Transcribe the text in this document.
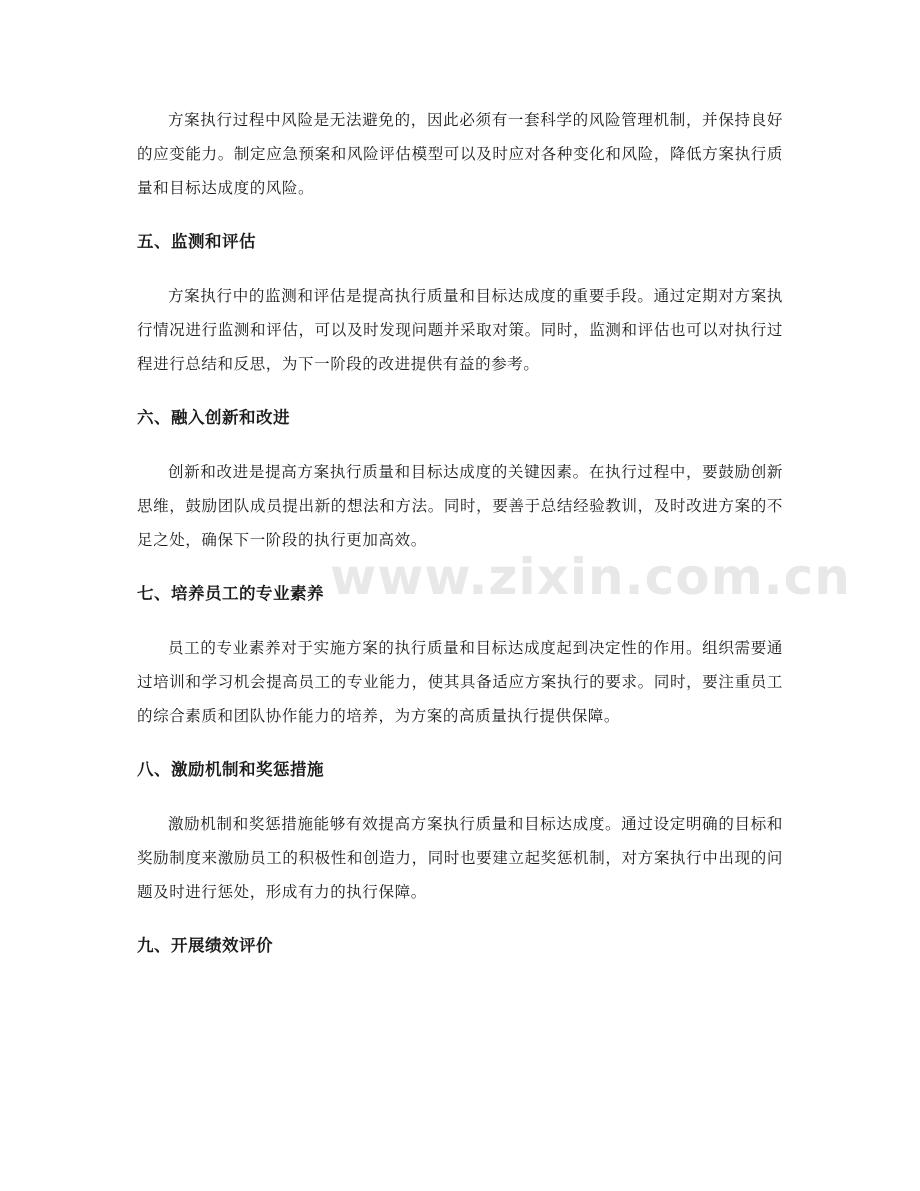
方案执行过程中风险是无法避免的，因此必须有一套科学的风险管理机制，并保持良好的应变能力。制定应急预案和风险评估模型可以及时应对各种变化和风险，降低方案执行质量和目标达成度的风险。

五、监测和评估

方案执行中的监测和评估是提高执行质量和目标达成度的重要手段。通过定期对方案执行情况进行监测和评估，可以及时发现问题并采取对策。同时，监测和评估也可以对执行过程进行总结和反思，为下一阶段的改进提供有益的参考。

六、融入创新和改进

创新和改进是提高方案执行质量和目标达成度的关键因素。在执行过程中，要鼓励创新思维，鼓励团队成员提出新的想法和方法。同时，要善于总结经验教训，及时改进方案的不足之处，确保下一阶段的执行更加高效。

七、培养员工的专业素养

员工的专业素养对于实施方案的执行质量和目标达成度起到决定性的作用。组织需要通过培训和学习机会提高员工的专业能力，使其具备适应方案执行的要求。同时，要注重员工的综合素质和团队协作能力的培养，为方案的高质量执行提供保障。

八、激励机制和奖惩措施

激励机制和奖惩措施能够有效提高方案执行质量和目标达成度。通过设定明确的目标和奖励制度来激励员工的积极性和创造力，同时也要建立起奖惩机制，对方案执行中出现的问题及时进行惩处，形成有力的执行保障。

九、开展绩效评价
www.zixin.com.cn
